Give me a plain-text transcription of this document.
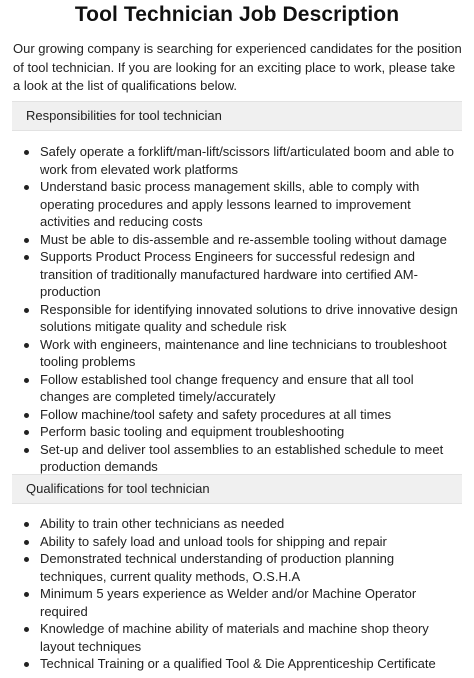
Tool Technician Job Description

Our growing company is searching for experienced candidates for the position of tool technician. If you are looking for an exciting place to work, please take a look at the list of qualifications below.

Responsibilities for tool technician
Safely operate a forklift/man-lift/scissors lift/articulated boom and able to work from elevated work platforms
Understand basic process management skills, able to comply with operating procedures and apply lessons learned to improvement activities and reducing costs
Must be able to dis-assemble and re-assemble tooling without damage
Supports Product Process Engineers for successful redesign and transition of traditionally manufactured hardware into certified AM-production
Responsible for identifying innovated solutions to drive innovative design solutions mitigate quality and schedule risk
Work with engineers, maintenance and line technicians to troubleshoot tooling problems
Follow established tool change frequency and ensure that all tool changes are completed timely/accurately
Follow machine/tool safety and safety procedures at all times
Perform basic tooling and equipment troubleshooting
Set-up and deliver tool assemblies to an established schedule to meet production demands
Qualifications for tool technician
Ability to train other technicians as needed
Ability to safely load and unload tools for shipping and repair
Demonstrated technical understanding of production planning techniques, current quality methods, O.S.H.A
Minimum 5 years experience as Welder and/or Machine Operator required
Knowledge of machine ability of materials and machine shop theory layout techniques
Technical Training or a qualified Tool & Die Apprenticeship Certificate
